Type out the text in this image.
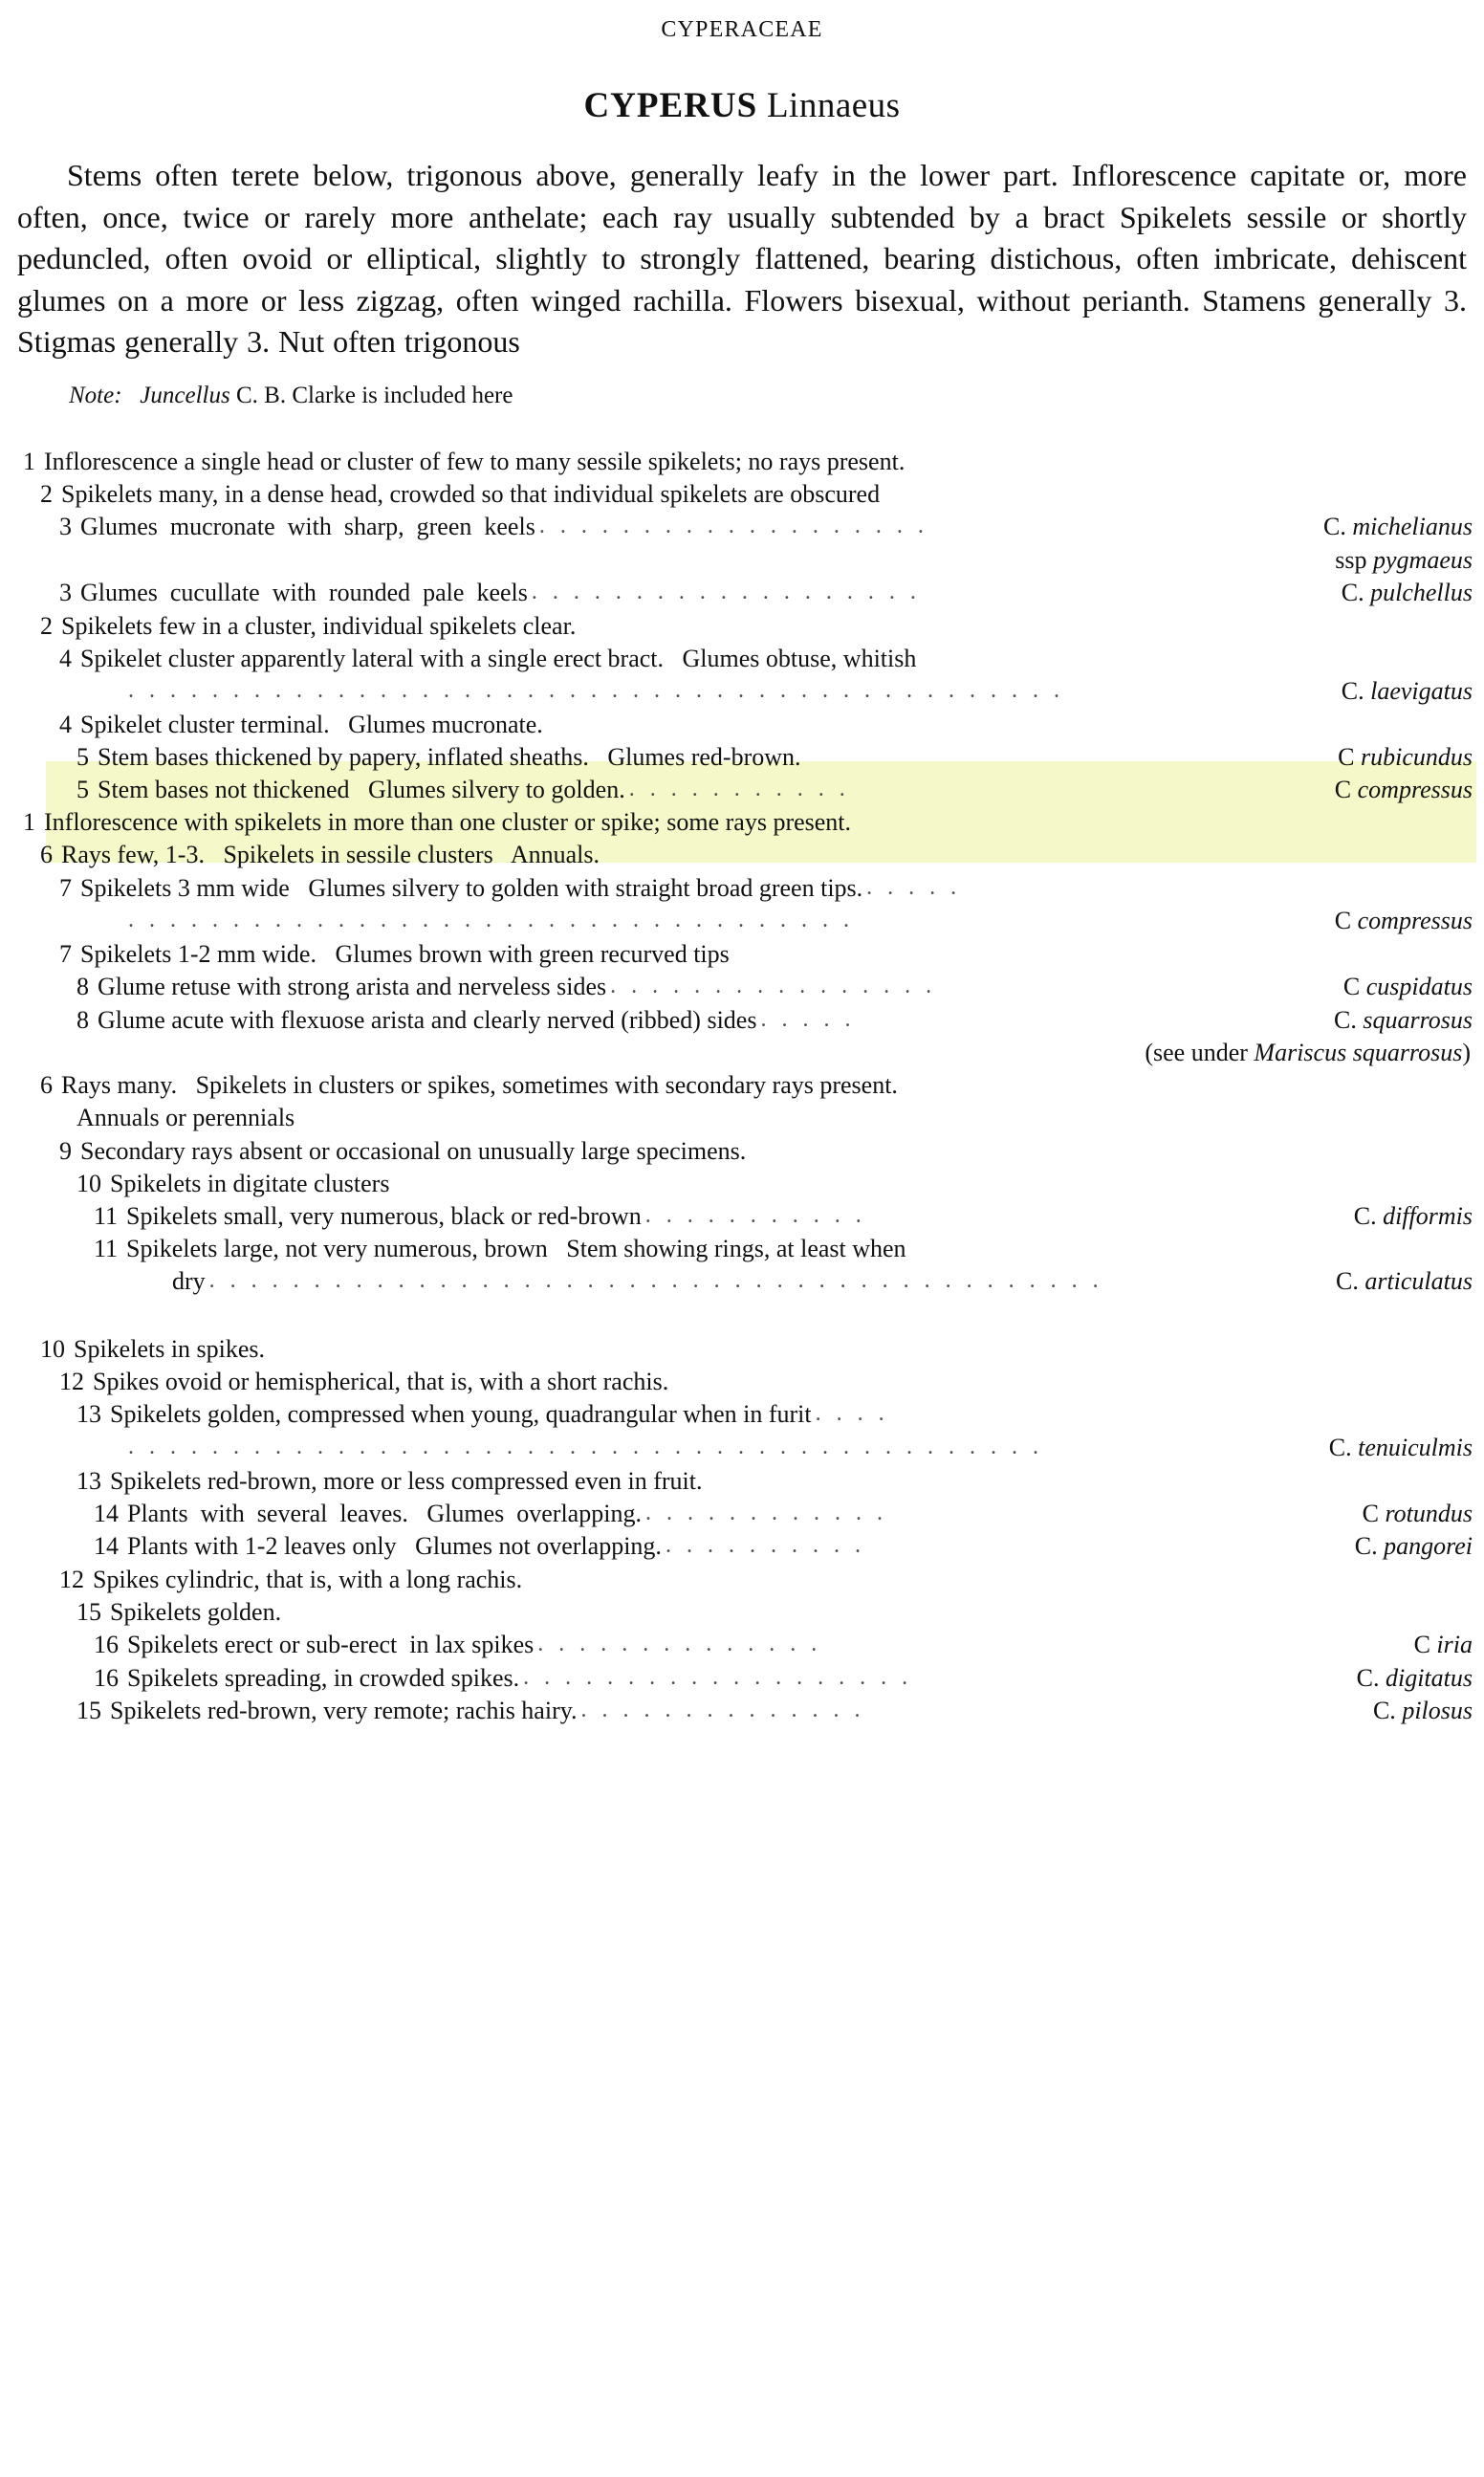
CYPERACEAE
CYPERUS Linnaeus
Stems often terete below, trigonous above, generally leafy in the lower part. Inflorescence capitate or, more often, once, twice or rarely more anthelate; each ray usually subtended by a bract Spikelets sessile or shortly peduncled, often ovoid or elliptical, slightly to strongly flattened, bearing distichous, often imbricate, dehiscent glumes on a more or less zigzag, often winged rachilla. Flowers bisexual, without perianth. Stamens generally 3. Stigmas generally 3. Nut often trigonous
Note: Juncellus C. B. Clarke is included here
1 Inflorescence a single head or cluster of few to many sessile spikelets; no rays present.
2 Spikelets many, in a dense head, crowded so that individual spikelets are obscured
3 Glumes  mucronate  with  sharp,  green  keels . . . . . . . . . . . . . . . . . . .	C. michelianus
ssp pygmaeus
3 Glumes  cucullate  with  rounded  pale  keels . . . . . . . . . . . . . . . . . . .	C. pulchellus
2 Spikelets few in a cluster, individual spikelets clear.
4 Spikelet cluster apparently lateral with a single erect bract.   Glumes obtuse, whitish
. . . . . . . . . . . . . . . . . . . . . . . . . . . . . . . . . . . . . . . . . . . . .	C. laevigatus
4 Spikelet cluster terminal.   Glumes mucronate.
5 Stem bases thickened by papery, inflated sheaths.   Glumes red-brown.	C rubicundus
5 Stem bases not thickened   Glumes silvery to golden. . . . . . . . . . . .	C compressus
1 Inflorescence with spikelets in more than one cluster or spike; some rays present.
6 Rays few, 1-3.   Spikelets in sessile clusters   Annuals.
7 Spikelets 3 mm wide   Glumes silvery to golden with straight broad green tips. . . . . .
. . . . . . . . . . . . . . . . . . . . . . . . . . . . . . . . . . .	C compressus
7 Spikelets 1-2 mm wide.   Glumes brown with green recurved tips
8 Glume retuse with strong arista and nerveless sides . . . . . . . . . . . . . . . .	C cuspidatus
8 Glume acute with flexuose arista and clearly nerved (ribbed) sides . . . . .	C. squarrosus
(see under Mariscus squarrosus)
6 Rays many.   Spikelets in clusters or spikes, sometimes with secondary rays present.
Annuals or perennials
9 Secondary rays absent or occasional on unusually large specimens.
10 Spikelets in digitate clusters
11 Spikelets small, very numerous, black or red-brown . . . . . . . . . . .	C. difformis
11 Spikelets large, not very numerous, brown   Stem showing rings, at least when
dry . . . . . . . . . . . . . . . . . . . . . . . . . . . . . . . . . . . . . . . . . . .	C. articulatus
10 Spikelets in spikes.
12 Spikes ovoid or hemispherical, that is, with a short rachis.
13 Spikelets golden, compressed when young, quadrangular when in furit . . . .
. . . . . . . . . . . . . . . . . . . . . . . . . . . . . . . . . . . . . . . . . . . .	C. tenuiculmis
13 Spikelets red-brown, more or less compressed even in fruit.
14 Plants  with  several  leaves.   Glumes  overlapping. . . . . . . . . . . . .	C rotundus
14 Plants with 1-2 leaves only   Glumes not overlapping. . . . . . . . . . .	C. pangorei
12 Spikes cylindric, that is, with a long rachis.
15 Spikelets golden.
16 Spikelets erect or sub-erect  in lax spikes . . . . . . . . . . . . . .	C iria
16 Spikelets spreading, in crowded spikes. . . . . . . . . . . . . . . . . . . .	C. digitatus
15 Spikelets red-brown, very remote; rachis hairy. . . . . . . . . . . . . . .	C. pilosus
